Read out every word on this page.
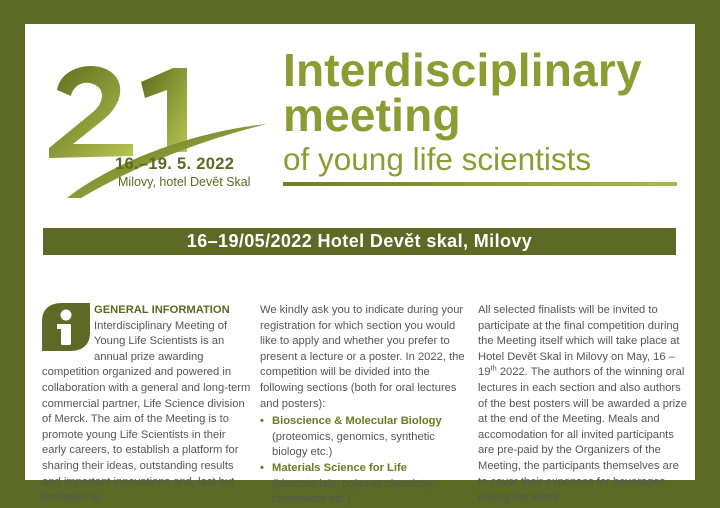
16.–19. 5. 2022
Milovy, hotel Devět Skal
Interdisciplinary
meeting
of young life scientists
16–19/05/2022 Hotel Devět skal, Milovy
GENERAL INFORMATION
Interdisciplinary Meeting of Young Life Scientists is an annual prize awarding competition organized and powered in collaboration with a general and long-term commercial partner, Life Science division of Merck. The aim of the Meeting is to promote young Life Scientists in their early careers, to establish a platform for sharing their ideas, outstanding results and important innovations and, last but not least, to

We kindly ask you to indicate during your registration for which section you would like to apply and whether you prefer to present a lecture or a poster. In 2022, the competition will be divided into the following sections (both for oral lectures and posters):

• Bioscience & Molecular Biology
(proteomics, genomics, synthetic biology etc.)
• Materials Science for Life
(biomaterials, polymer chemistry, biosensors etc.)
All selected finalists will be invited to participate at the final competition during the Meeting itself which will take place at Hotel Devět Skal in Milovy on May, 16 – 19th 2022. The authors of the winning oral lectures in each section and also authors of the best posters will be awarded a prize at the end of the Meeting. Meals and accomodation for all invited participants are pre-paid by the Organizers of the Meeting, the participants themselves are to cover their expenses for beverages during the event
